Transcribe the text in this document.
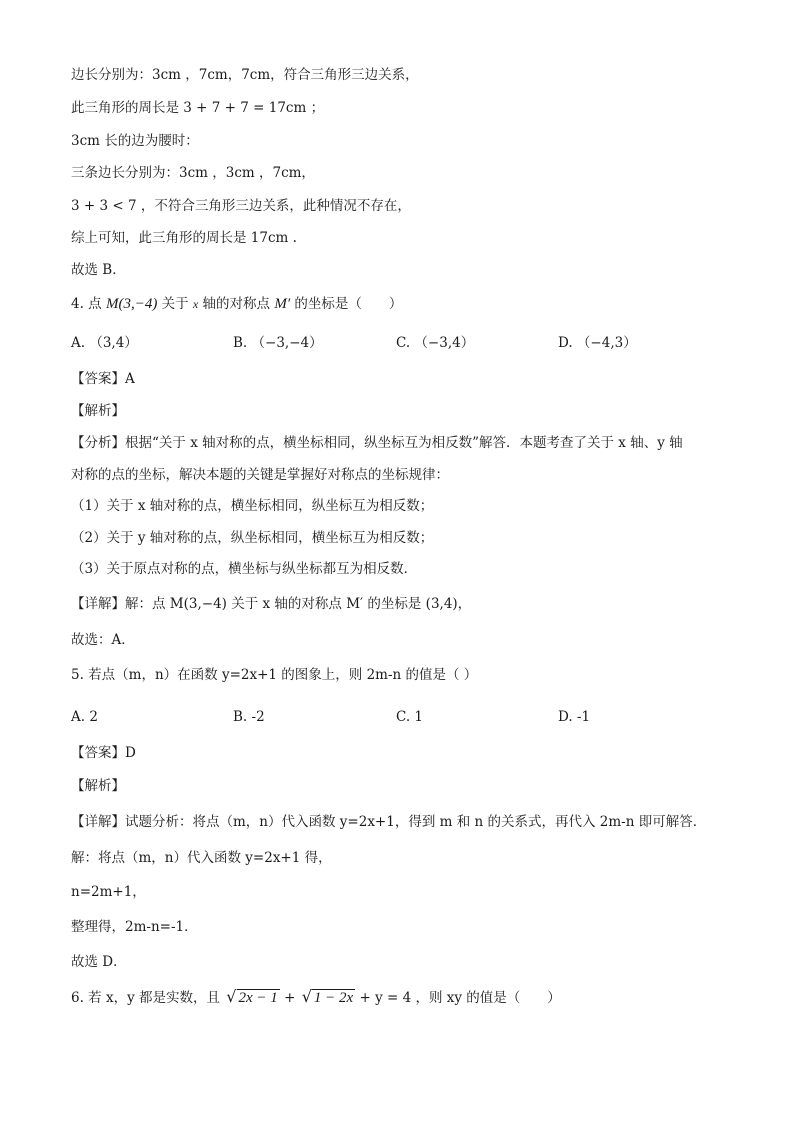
边长分别为：3cm ，7cm，7cm，符合三角形三边关系，
此三角形的周长是 3 + 7 + 7 = 17cm ；
3cm 长的边为腰时：
三条边长分别为：3cm ，3cm ，7cm，
3 + 3 < 7 ，不符合三角形三边关系，此种情况不存在，
综上可知，此三角形的周长是 17cm .
故选 B．
4. 点 M(3,−4) 关于 x 轴的对称点 M′ 的坐标是（　　）
A. （3,4）	B. （−3,−4）	C. （−3,4）	D. （−4,3）
【答案】A
【解析】
【分析】根据“关于 x 轴对称的点，横坐标相同，纵坐标互为相反数”解答．本题考查了关于 x 轴、y 轴
对称的点的坐标，解决本题的关键是掌握好对称点的坐标规律：
（1）关于 x 轴对称的点，横坐标相同，纵坐标互为相反数；
（2）关于 y 轴对称的点，纵坐标相同，横坐标互为相反数；
（3）关于原点对称的点，横坐标与纵坐标都互为相反数．
【详解】解：点 M(3,−4) 关于 x 轴的对称点 M′ 的坐标是 (3,4)，
故选：A．
5. 若点（m，n）在函数 y=2x+1 的图象上，则 2m-n 的值是（ ）
A. 2	B. -2	C. 1	D. -1
【答案】D
【解析】
【详解】试题分析：将点（m，n）代入函数 y=2x+1，得到 m 和 n 的关系式，再代入 2m-n 即可解答．
解：将点（m，n）代入函数 y=2x+1 得，
n=2m+1，
整理得，2m-n=-1．
故选 D．
6. 若 x，y 都是实数，且 √ 2x − 1 + √ 1 − 2x + y = 4 ，则 xy 的值是（　　）
